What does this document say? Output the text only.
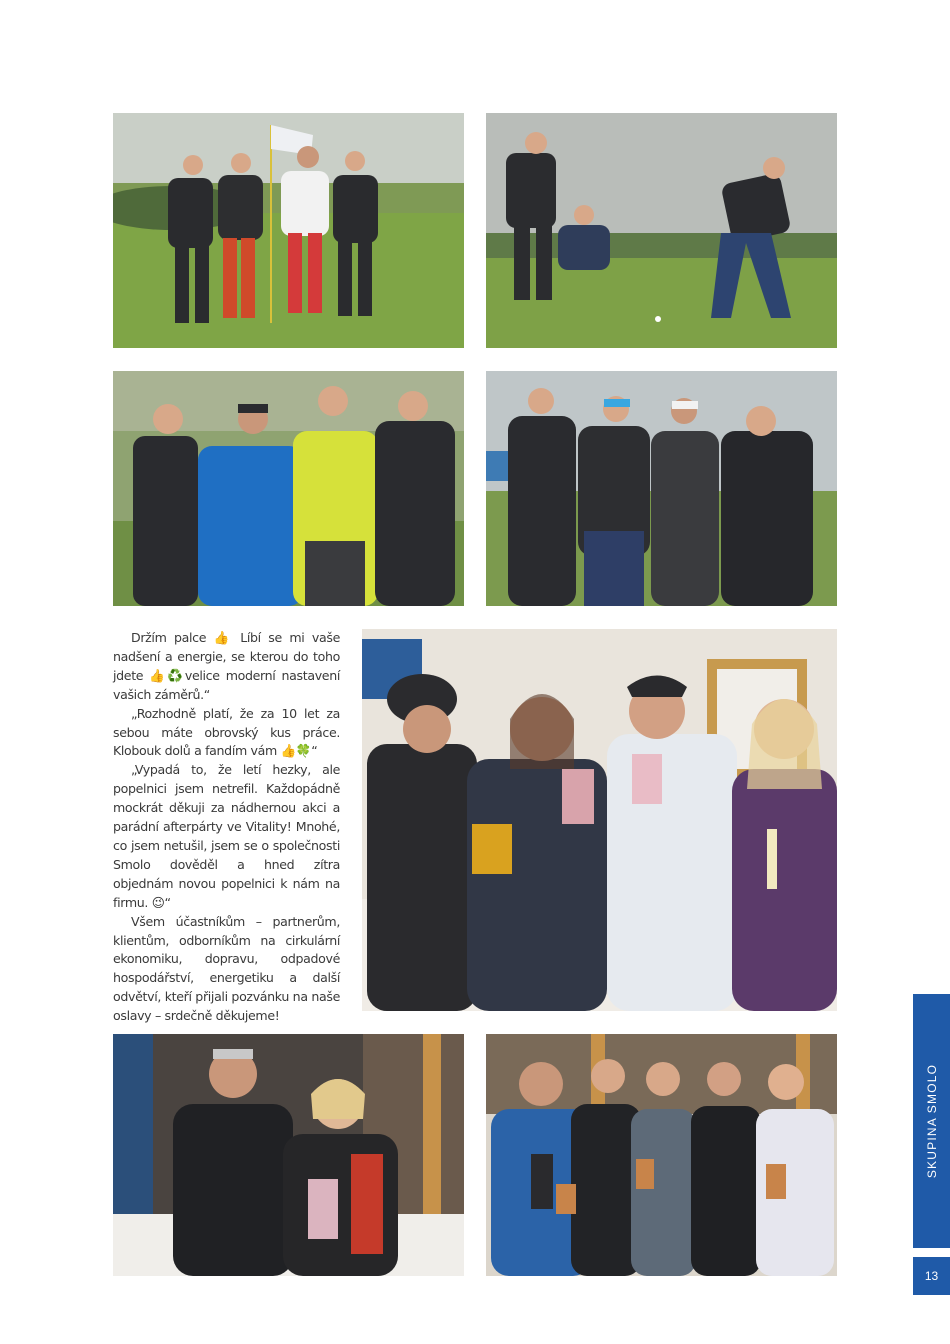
Držím palce 👍 Líbí se mi vaše nadšení a energie, se kterou do toho jdete 👍♻️velice moderní nastavení vašich záměrů.“

„Rozhodně platí, že za 10 let za sebou máte obrovský kus práce. Klobouk dolů a fandím vám 👍🍀“

„Vypadá to, že letí hezky, ale popelnici jsem netrefil. Každopádně mockrát děkuji za nádhernou akci a parádní afterpárty ve Vitality! Mnohé, co jsem netušil, jsem se o společnosti Smolo dověděl a hned zítra objednám novou popelnici k nám na firmu. 😉“

Všem účastníkům – partnerům, klientům, odborníkům na cirkulární ekonomiku, dopravu, odpadové hospodářství, energetiku a další odvětví, kteří přijali pozvánku na naše oslavy – srdečně děkujeme!

SKUPINA SMOLO
13
